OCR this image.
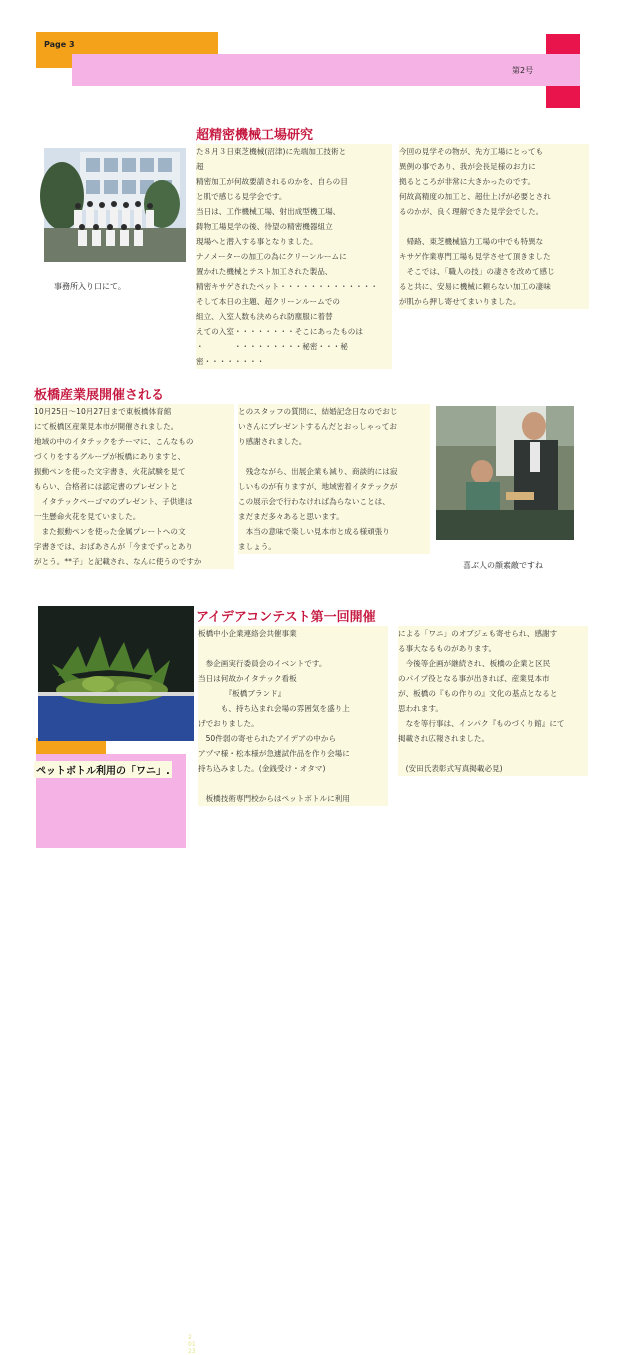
Page 3
第2号
超精密機械工場研究
事務所入り口にて。

た８月３日東芝機械(沼津)に先端加工技術と
超
精密加工が何故要請されるのかを、自らの目
と肌で感じる見学会です。
当日は、工作機械工場、射出成型機工場、
鋳物工場見学の後、待望の精密機器組立
現場へと潜入する事となりました。
ナノメーターの加工の為にクリーンルームに
置かれた機械とテスト加工された製品、
精密キサゲされたペット・・・・・・・・・・・・・
そして本日の主題、超クリーンルームでの
組立、入室人数も決められ防塵服に着替
えての入室・・・・・・・・そこにあったものは
・　　　　・・・・・・・・・秘密・・・秘密・・・・・・・・

今回の見学その物が、先方工場にとっても
異例の事であり、我が会長足様のお力に
拠るところが非常に大きかったのです。
何故高精度の加工と、超仕上げが必要とされ
るのかが、良く理解できた見学会でした。

　帰路、東芝機械協力工場の中でも特異な
キサゲ作業専門工場も見学させて頂きました
　そこでは、「職人の技」の凄さを改めて感じ
ると共に、安易に機械に頼らない加工の凄味
が肌から押し寄せてまいりました。

板橋産業展開催される

10月25日～10月27日まで東板橋体育館
にて板橋区産業見本市が開催されました。
地域の中のイタテックをテーマに、こんなもの
づくりをするグループが板橋にありますと、
振動ペンを使った文字書き、火花試験を見て
もらい、合格者には認定書のプレゼントと
　イタテックペーゴマのプレゼント、子供達は
一生懸命火花を見ていました。
　また振動ペンを使った金属プレートへの文
字書きでは、おばあさんが「今までずっとあり
がとう。**子」と記載され、なんに使うのですか

とのスタッフの質問に、結婚記念日なのでおじ
いさんにプレゼントするんだとおっしゃってお
り感謝されました。

　残念ながら、出展企業も減り、商談的には寂
しいものが有りますが、地域密着イタテックが
この展示会で行わなければ為らないことは、
まだまだ多々あると思います。
　本当の意味で楽しい見本市と成る様頑張り
ましょう。

喜ぶ人の顔素敵ですね
2 01 23
ペットボトル利用の「ワニ」.
アイデアコンテスト第一回開催

板橋中小企業連絡会共催事業

　参企画実行委員会のイベントです。
当日は何故かイタテック看板
　　　　『板橋ブランド』
　　　も、持ち込まれ会場の雰囲気を盛り上
げでおりました。
　50件弱の寄せられたアイデアの中から
アヅマ様・松本様が急遽試作品を作り会場に
持ち込みました。(金銭受け・オタマ)

　板橋技術専門校からはペットボトルに利用

による「ワニ」のオブジェも寄せられ、感謝す
る事大なるものがあります。
　今後等企画が継続され、板橋の企業と区民
のパイプ役となる事が出きれば、産業見本市
が、板橋の『もの作りの』文化の基点となると
思われます。
　なを等行事は、インパク『ものづくり館』にて
掲載され広報されました。

　(安田氏表彰式写真掲載必見)
